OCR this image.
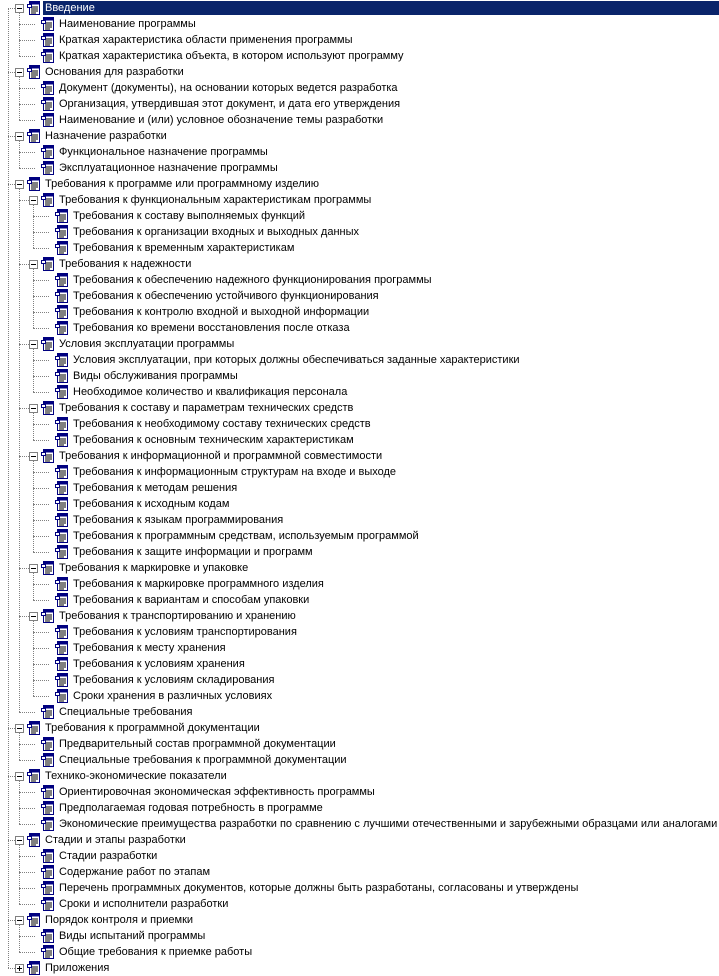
Введение
Наименование программы
Краткая характеристика области применения программы
Краткая характеристика объекта, в котором используют программу
Основания для разработки
Документ (документы), на основании которых ведется разработка
Организация, утвердившая этот документ, и дата его утверждения
Наименование и (или) условное обозначение темы разработки
Назначение разработки
Функциональное назначение программы
Эксплуатационное назначение программы
Требования к программе или программному изделию
Требования к функциональным характеристикам программы
Требования к составу выполняемых функций
Требования к организации входных и выходных данных
Требования к временным характеристикам
Требования к надежности
Требования к обеспечению надежного функционирования программы
Требования к обеспечению устойчивого функционирования
Требования к контролю входной и выходной информации
Требования ко времени восстановления после отказа
Условия эксплуатации программы
Условия эксплуатации, при которых должны обеспечиваться заданные характеристики
Виды обслуживания программы
Необходимое количество и квалификация персонала
Требования к составу и параметрам технических средств
Требования к необходимому составу технических средств
Требования к основным техническим характеристикам
Требования к информационной и программной совместимости
Требования к информационным структурам на входе и выходе
Требования к методам решения
Требования к исходным кодам
Требования к языкам программирования
Требования к программным средствам, используемым программой
Требования к защите информации и программ
Требования к маркировке и упаковке
Требования к маркировке программного изделия
Требования к вариантам и способам упаковки
Требования к транспортированию и хранению
Требования к условиям транспортирования
Требования к месту хранения
Требования к условиям хранения
Требования к условиям складирования
Сроки хранения в различных условиях
Специальные требования
Требования к программной документации
Предварительный состав программной документации
Специальные требования к программной документации
Технико-экономические показатели
Ориентировочная экономическая эффективность программы
Предполагаемая годовая потребность в программе
Экономические преимущества разработки по сравнению с лучшими отечественными и зарубежными образцами или аналогами
Стадии и этапы разработки
Стадии разработки
Содержание работ по этапам
Перечень программных документов, которые должны быть разработаны, согласованы и утверждены
Сроки и исполнители разработки
Порядок контроля и приемки
Виды испытаний программы
Общие требования к приемке работы
Приложения
